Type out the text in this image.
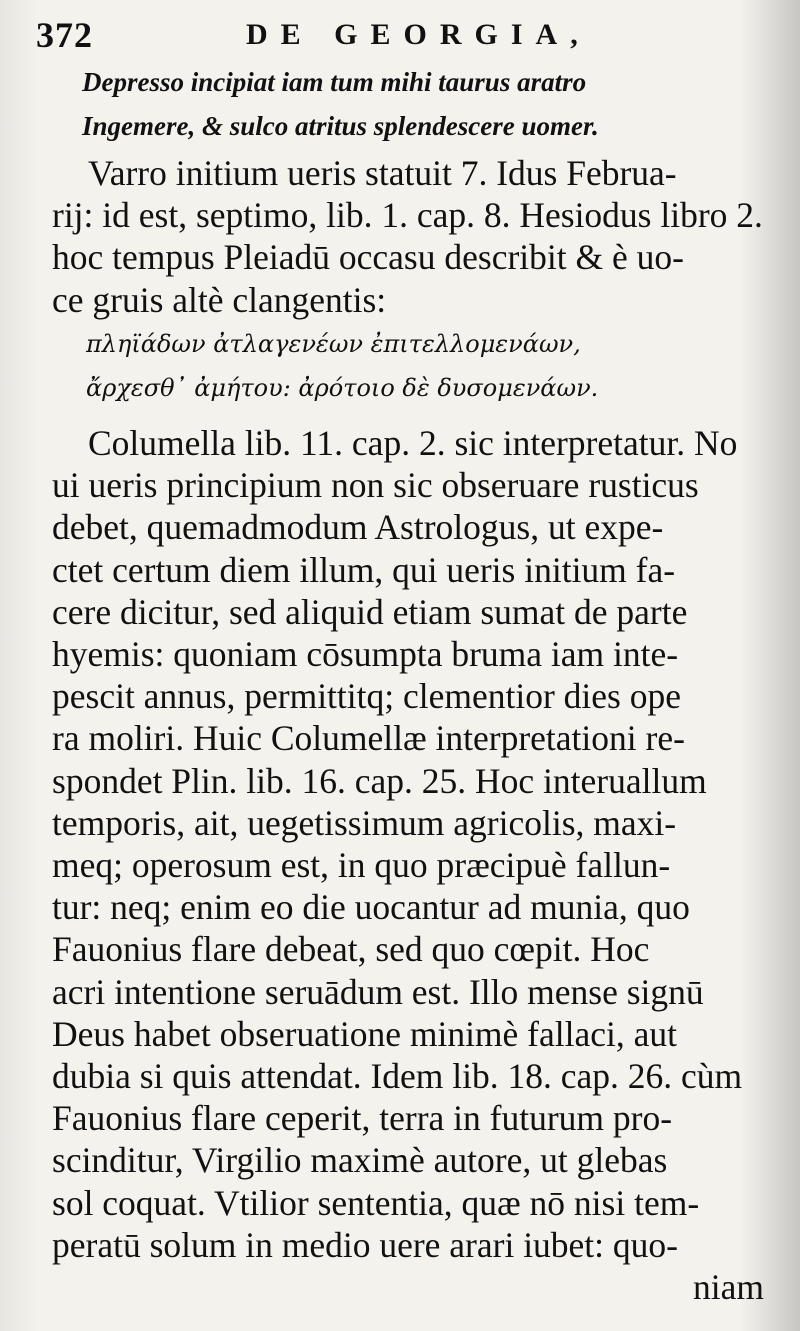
372	DE GEORGIA,
Depresso incipiat iam tum mihi taurus aratro
Ingemere, & sulco atritus splendescere uomer.
Varro initium ueris statuit 7. Idus Februa-
rij: id est, septimo, lib. 1. cap. 8. Hesiodus libro 2.
hoc tempus Pleiadū occasu describit & è uo-
ce gruis altè clangentis:
πληϊάδων ἀτλαγενέων ἐπιτελλομενάων,
ἄρχεσθ᾽ ἀμήτου: ἀρότοιο δὲ δυσομενάων.
Columella lib. 11. cap. 2. sic interpretatur. No
ui ueris principium non sic obseruare rusticus
debet, quemadmodum Astrologus, ut expe-
ctet certum diem illum, qui ueris initium fa-
cere dicitur, sed aliquid etiam sumat de parte
hyemis: quoniam cōsumpta bruma iam inte-
pescit annus, permittitq; clementior dies ope
ra moliri. Huic Columellæ interpretationi re-
spondet Plin. lib. 16. cap. 25. Hoc interuallum
temporis, ait, uegetissimum agricolis, maxi-
meq; operosum est, in quo præcipuè fallun-
tur: neq; enim eo die uocantur ad munia, quo
Fauonius flare debeat, sed quo cœpit. Hoc
acri intentione seruādum est. Illo mense signū
Deus habet obseruatione minimè fallaci, aut
dubia si quis attendat. Idem lib. 18. cap. 26. cùm
Fauonius flare ceperit, terra in futurum pro-
scinditur, Virgilio maximè autore, ut glebas
sol coquat. Vtilior sententia, quæ nō nisi tem-
peratū solum in medio uere arari iubet: quo-
niam
